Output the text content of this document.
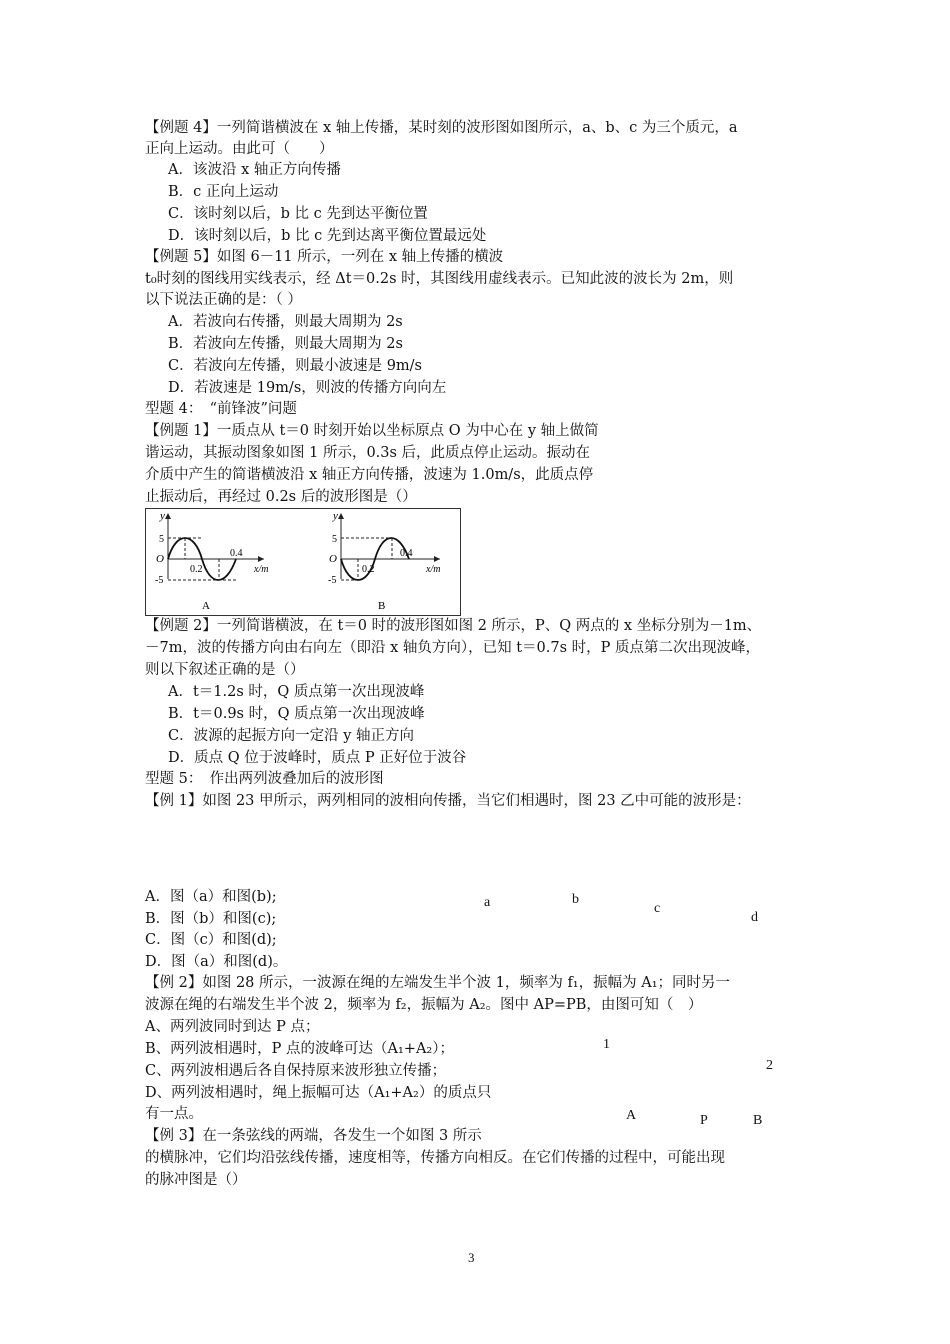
【例题 4】一列简谐横波在 x 轴上传播，某时刻的波形图如图所示，a、b、c 为三个质元，a
正向上运动。由此可（　　）
A．该波沿 x 轴正方向传播
B．c 正向上运动
C．该时刻以后，b 比 c 先到达平衡位置
D．该时刻以后，b 比 c 先到达离平衡位置最远处
【例题 5】如图 6－11 所示，一列在 x 轴上传播的横波
t₀时刻的图线用实线表示，经 Δt＝0.2s 时，其图线用虚线表示。已知此波的波长为 2m，则
以下说法正确的是：（ ）
A．若波向右传播，则最大周期为 2s
B．若波向左传播，则最大周期为 2s
C．若波向左传播，则最小波速是 9m/s
D．若波速是 19m/s，则波的传播方向向左
型题 4：　“前锋波”问题
【例题 1】一质点从 t＝0 时刻开始以坐标原点 O 为中心在 y 轴上做简
谐运动，其振动图象如图 1 所示，0.3s 后，此质点停止运动。振动在
介质中产生的简谐横波沿 x 轴正方向传播，波速为 1.0m/s，此质点停
止振动后，再经过 0.2s 后的波形图是（）
y
5
O
-5
0.2
0.4
x/m
A
y
5
O
-5
0.2
0.4
x/m
B
【例题 2】一列简谐横波，在 t＝0 时的波形图如图 2 所示，P、Q 两点的 x 坐标分别为－1m、
－7m，波的传播方向由右向左（即沿 x 轴负方向），已知 t＝0.7s 时，P 质点第二次出现波峰，
则以下叙述正确的是（）
A．t＝1.2s 时，Q 质点第一次出现波峰
B．t＝0.9s 时，Q 质点第一次出现波峰
C．波源的起振方向一定沿 y 轴正方向
D．质点 Q 位于波峰时，质点 P 正好位于波谷
型题 5：　作出两列波叠加后的波形图
【例 1】如图 23 甲所示，两列相同的波相向传播，当它们相遇时，图 23 乙中可能的波形是：
A．图（a）和图(b);
B．图（b）和图(c);
C．图（c）和图(d);
D．图（a）和图(d)。
a	b
c
d
【例 2】如图 28 所示，一波源在绳的左端发生半个波 1，频率为 f₁，振幅为 A₁；同时另一
波源在绳的右端发生半个波 2，频率为 f₂，振幅为 A₂。图中 AP=PB，由图可知（　）
A、两列波同时到达 P 点；
B、两列波相遇时，P 点的波峰可达（A₁+A₂）；
C、两列波相遇后各自保持原来波形独立传播；
D、两列波相遇时，绳上振幅可达（A₁+A₂）的质点只
有一点。
1
2
A	P	B
【例 3】在一条弦线的两端，各发生一个如图 3 所示
的横脉冲，它们均沿弦线传播，速度相等，传播方向相反。在它们传播的过程中，可能出现
的脉冲图是（）
3
